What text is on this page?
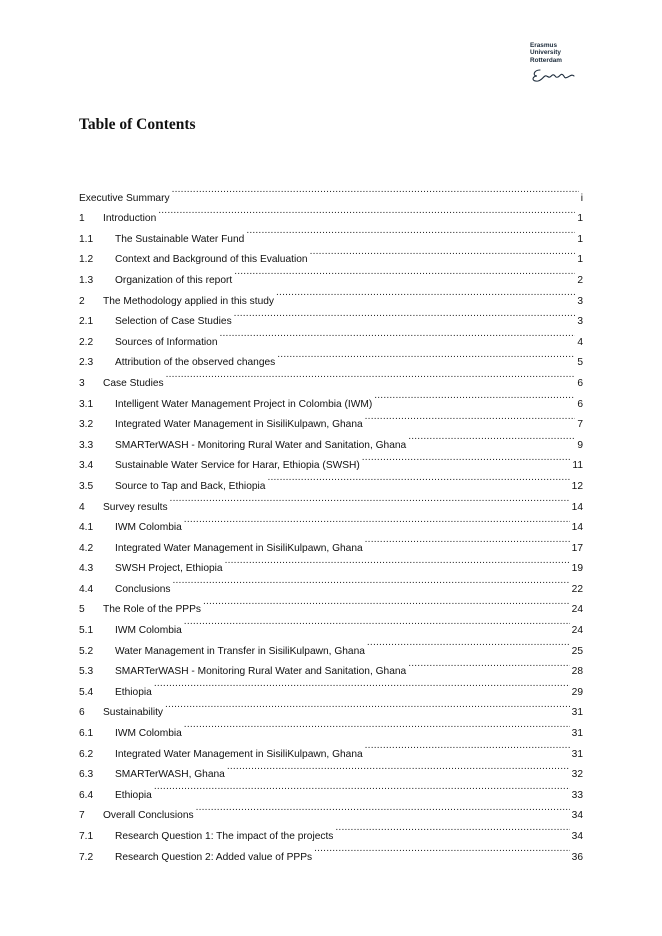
Erasmus
University
Rotterdam
Table of Contents
Executive Summary .....	i
1	Introduction .....	1
1.1	The Sustainable Water Fund .....	1
1.2	Context and Background of this Evaluation .....	1
1.3	Organization of this report .....	2
2	The Methodology applied in this study .....	3
2.1	Selection of Case Studies .....	3
2.2	Sources of Information .....	4
2.3	Attribution of the observed changes .....	5
3	Case Studies .....	6
3.1	Intelligent Water Management Project in Colombia (IWM) .....	6
3.2	Integrated Water Management in SisiliKulpawn, Ghana .....	7
3.3	SMARTerWASH - Monitoring Rural Water and Sanitation, Ghana .....	9
3.4	Sustainable Water Service for Harar, Ethiopia (SWSH) .....	11
3.5	Source to Tap and Back, Ethiopia .....	12
4	Survey results .....	14
4.1	IWM Colombia .....	14
4.2	Integrated Water Management in SisiliKulpawn, Ghana .....	17
4.3	SWSH Project, Ethiopia .....	19
4.4	Conclusions .....	22
5	The Role of the PPPs .....	24
5.1	IWM Colombia .....	24
5.2	Water Management in Transfer in SisiliKulpawn, Ghana .....	25
5.3	SMARTerWASH - Monitoring Rural Water and Sanitation, Ghana .....	28
5.4	Ethiopia .....	29
6	Sustainability .....	31
6.1	IWM Colombia .....	31
6.2	Integrated Water Management in SisiliKulpawn, Ghana .....	31
6.3	SMARTerWASH, Ghana .....	32
6.4	Ethiopia .....	33
7	Overall Conclusions .....	34
7.1	Research Question 1: The impact of the projects .....	34
7.2	Research Question 2: Added value of PPPs .....	36
